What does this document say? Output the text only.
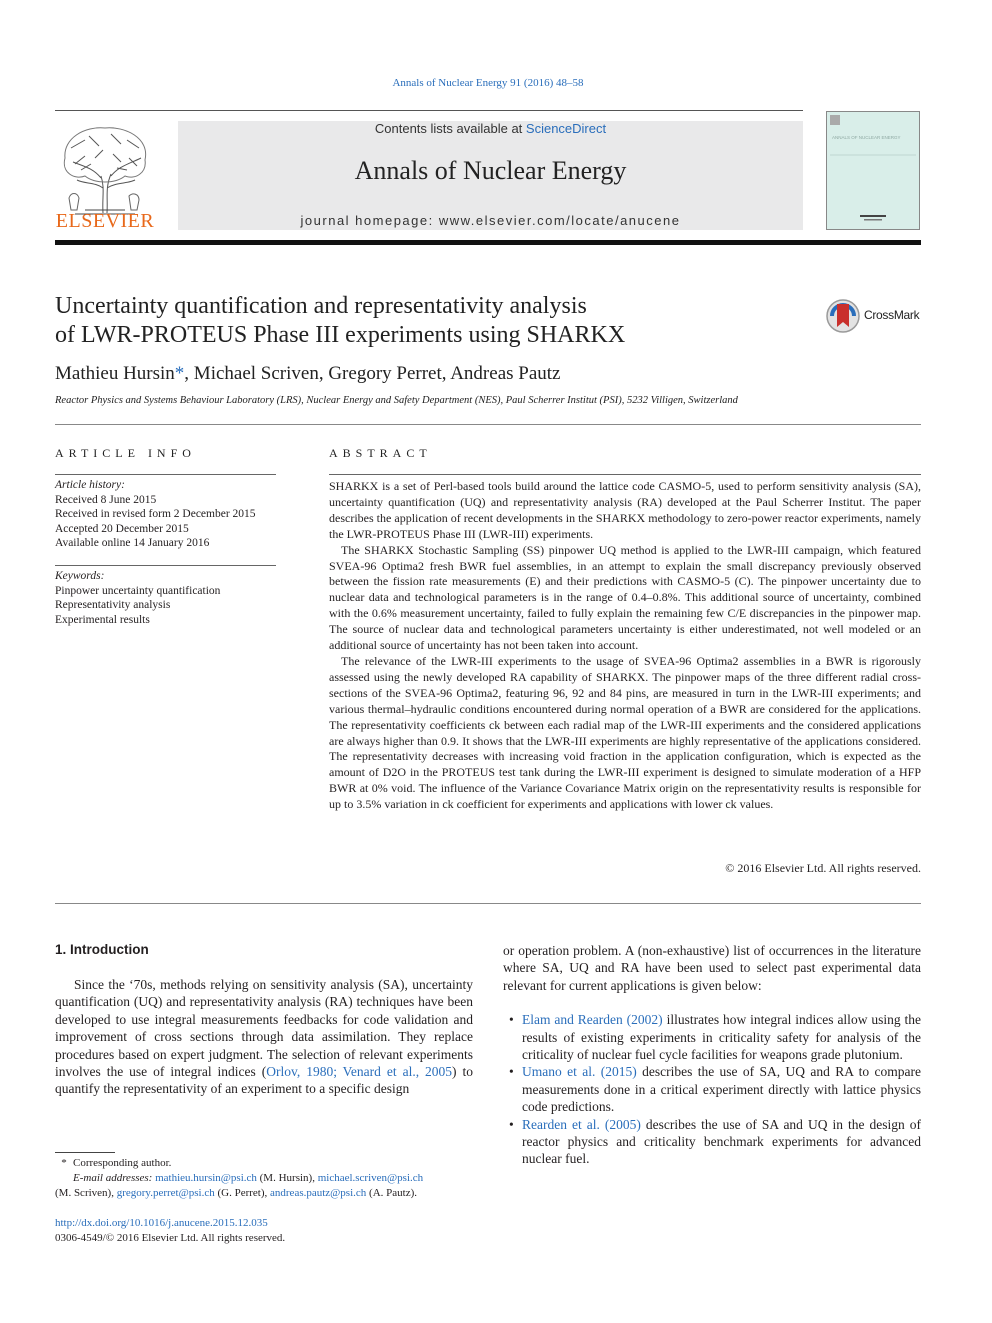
Annals of Nuclear Energy 91 (2016) 48–58
ELSEVIER
Contents lists available at ScienceDirect
Annals of Nuclear Energy
journal homepage: www.elsevier.com/locate/anucene
ANNALS OF NUCLEAR ENERGY
Uncertainty quantification and representativity analysis
of LWR-PROTEUS Phase III experiments using SHARKX
CrossMark
Mathieu Hursin*, Michael Scriven, Gregory Perret, Andreas Pautz
Reactor Physics and Systems Behaviour Laboratory (LRS), Nuclear Energy and Safety Department (NES), Paul Scherrer Institut (PSI), 5232 Villigen, Switzerland
ARTICLE INFO
Article history:
Received 8 June 2015
Received in revised form 2 December 2015
Accepted 20 December 2015
Available online 14 January 2016
Keywords:
Pinpower uncertainty quantification
Representativity analysis
Experimental results
ABSTRACT

SHARKX is a set of Perl-based tools build around the lattice code CASMO-5, used to perform sensitivity analysis (SA), uncertainty quantification (UQ) and representativity analysis (RA) developed at the Paul Scherrer Institut. The paper describes the application of recent developments in the SHARKX methodology to zero-power reactor experiments, namely the LWR-PROTEUS Phase III (LWR-III) experiments.

The SHARKX Stochastic Sampling (SS) pinpower UQ method is applied to the LWR-III campaign, which featured SVEA-96 Optima2 fresh BWR fuel assemblies, in an attempt to explain the small discrepancy previously observed between the fission rate measurements (E) and their predictions with CASMO-5 (C). The pinpower uncertainty due to nuclear data and technological parameters is in the range of 0.4–0.8%. This additional source of uncertainty, combined with the 0.6% measurement uncertainty, failed to fully explain the remaining few C/E discrepancies in the pinpower map. The source of nuclear data and technological parameters uncertainty is either underestimated, not well modeled or an additional source of uncertainty has not been taken into account.

The relevance of the LWR-III experiments to the usage of SVEA-96 Optima2 assemblies in a BWR is rigorously assessed using the newly developed RA capability of SHARKX. The pinpower maps of the three different radial cross-sections of the SVEA-96 Optima2, featuring 96, 92 and 84 pins, are measured in turn in the LWR-III experiments; and various thermal–hydraulic conditions encountered during normal operation of a BWR are considered for the applications. The representativity coefficients ck between each radial map of the LWR-III experiments and the considered applications are always higher than 0.9. It shows that the LWR-III experiments are highly representative of the applications considered. The representativity decreases with increasing void fraction in the application configuration, which is expected as the amount of D2O in the PROTEUS test tank during the LWR-III experiment is designed to simulate moderation of a HFP BWR at 0% void. The influence of the Variance Covariance Matrix origin on the representativity results is responsible for up to 3.5% variation in ck coefficient for experiments and applications with lower ck values.

© 2016 Elsevier Ltd. All rights reserved.
1. Introduction

Since the ‘70s, methods relying on sensitivity analysis (SA), uncertainty quantification (UQ) and representativity analysis (RA) techniques have been developed to use integral measurements feedbacks for code validation and improvement of cross sections through data assimilation. They replace procedures based on expert judgment. The selection of relevant experiments involves the use of integral indices (Orlov, 1980; Venard et al., 2005) to quantify the representativity of an experiment to a specific design

or operation problem. A (non-exhaustive) list of occurrences in the literature where SA, UQ and RA have been used to select past experimental data relevant for current applications is given below:

• Elam and Rearden (2002) illustrates how integral indices allow using the results of existing experiments in criticality safety for analysis of the criticality of nuclear fuel cycle facilities for weapons grade plutonium.
• Umano et al. (2015) describes the use of SA, UQ and RA to compare measurements done in a critical experiment directly with lattice physics code predictions.
• Rearden et al. (2005) describes the use of SA and UQ in the design of reactor physics and criticality benchmark experiments for advanced nuclear fuel.
* Corresponding author.
E-mail addresses: mathieu.hursin@psi.ch (M. Hursin), michael.scriven@psi.ch
(M. Scriven), gregory.perret@psi.ch (G. Perret), andreas.pautz@psi.ch (A. Pautz).
http://dx.doi.org/10.1016/j.anucene.2015.12.035
0306-4549/© 2016 Elsevier Ltd. All rights reserved.
